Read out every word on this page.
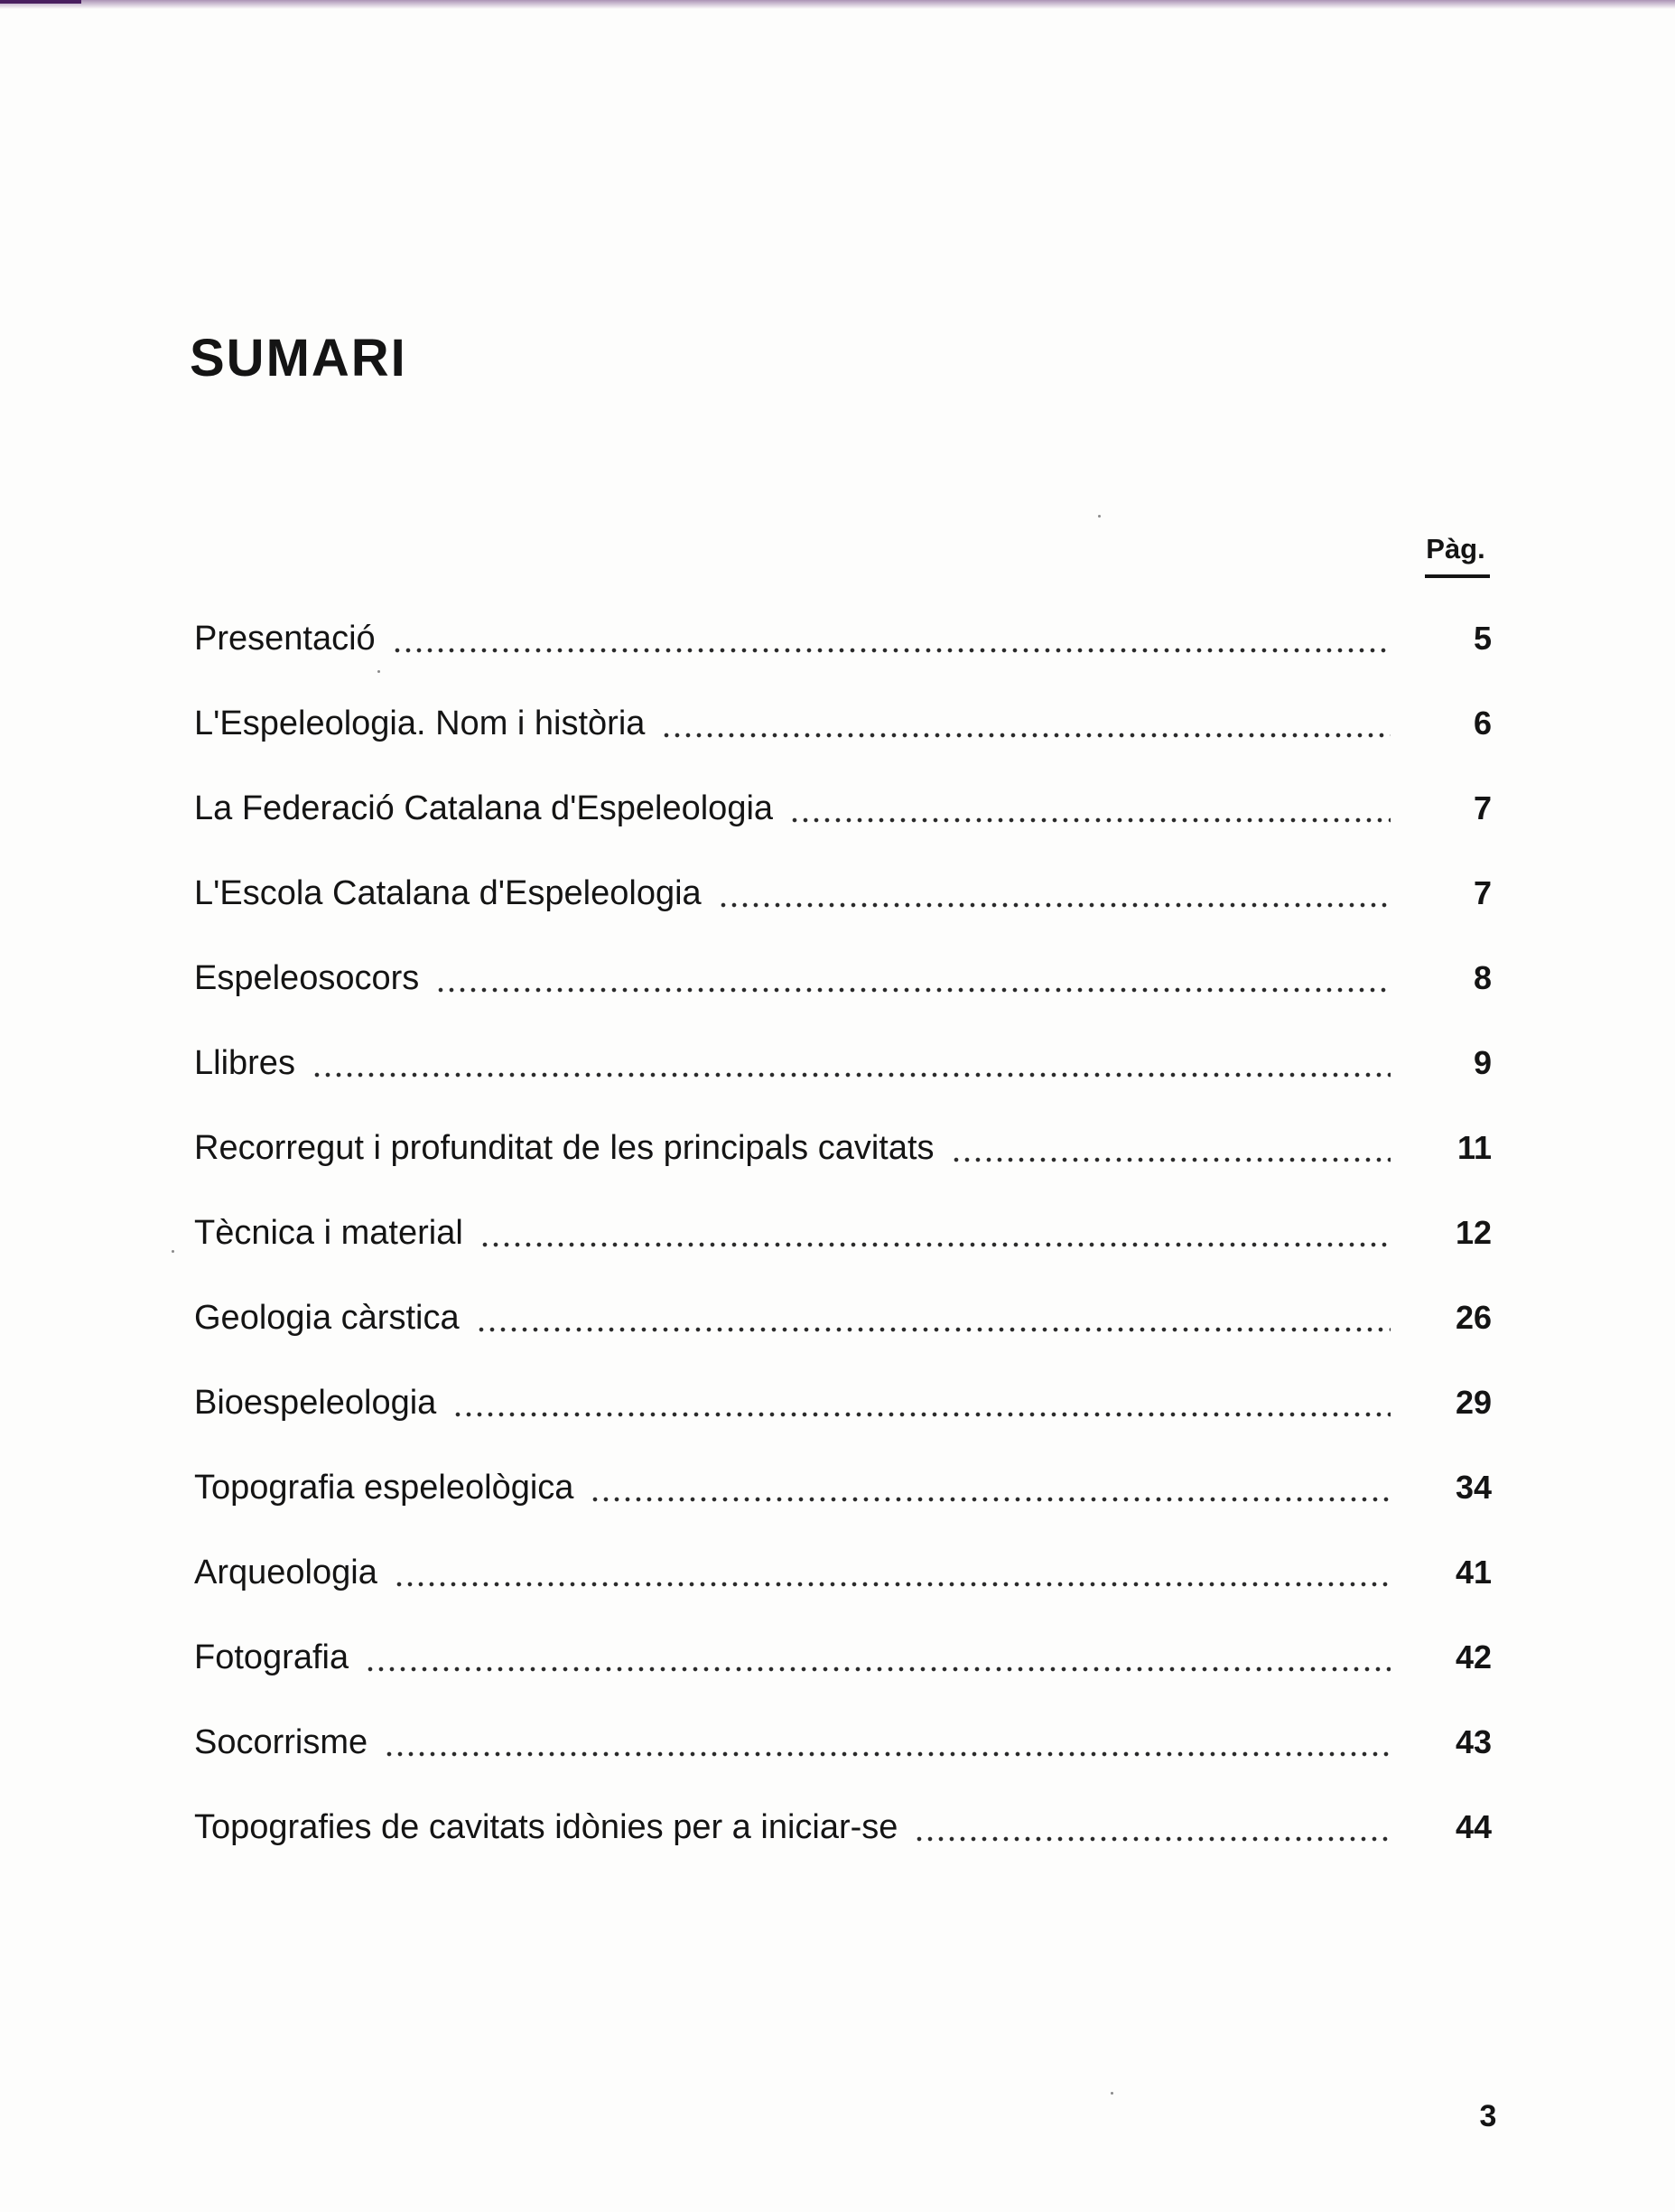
SUMARI
Pàg.
Presentació	5
L'Espeleologia. Nom i història	6
La Federació Catalana d'Espeleologia	7
L'Escola Catalana d'Espeleologia	7
Espeleosocors	8
Llibres	9
Recorregut i profunditat de les principals cavitats	11
Tècnica i material	12
Geologia càrstica	26
Bioespeleologia	29
Topografia espeleològica	34
Arqueologia	41
Fotografia	42
Socorrisme	43
Topografies de cavitats idònies per a iniciar-se	44
3
